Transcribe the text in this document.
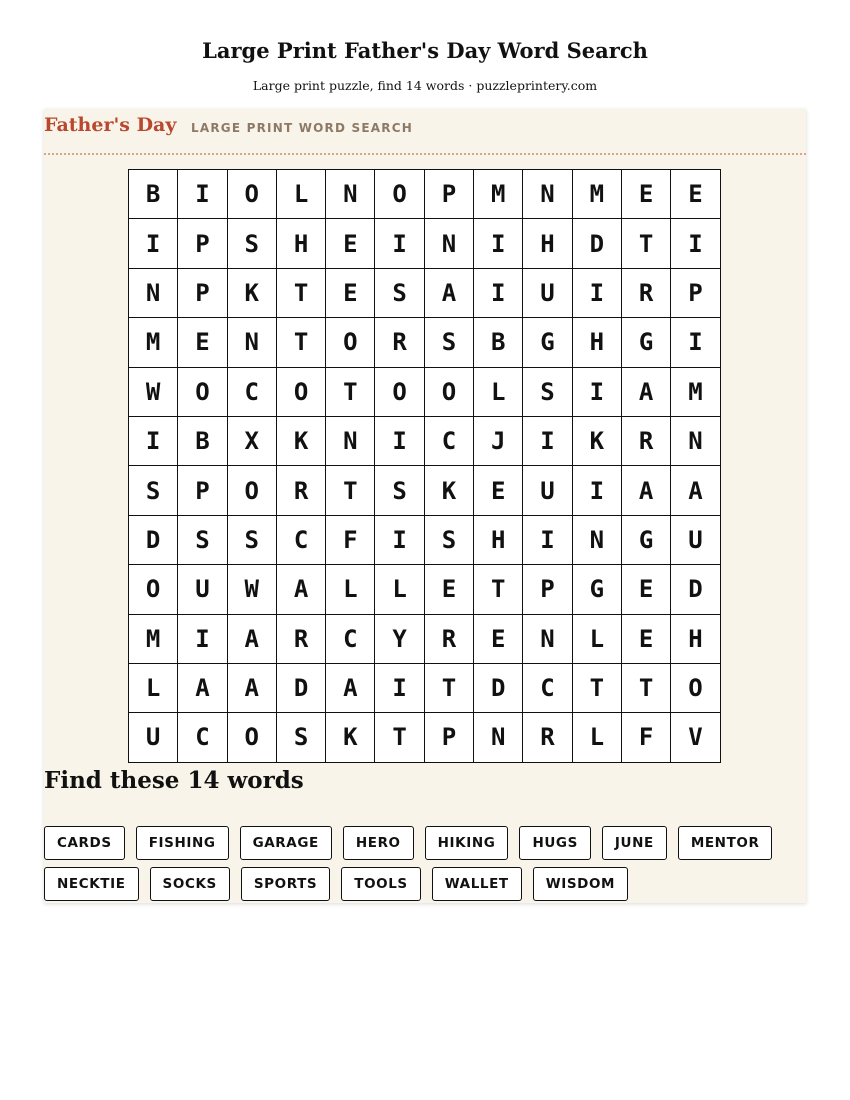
Large Print Father's Day Word Search

Large print puzzle, find 14 words · puzzleprintery.com

Father's Day LARGE PRINT WORD SEARCH
B	I	O	L	N	O	P	M	N	M	E	E
I	P	S	H	E	I	N	I	H	D	T	I
N	P	K	T	E	S	A	I	U	I	R	P
M	E	N	T	O	R	S	B	G	H	G	I
W	O	C	O	T	O	O	L	S	I	A	M
I	B	X	K	N	I	C	J	I	K	R	N
S	P	O	R	T	S	K	E	U	I	A	A
D	S	S	C	F	I	S	H	I	N	G	U
O	U	W	A	L	L	E	T	P	G	E	D
M	I	A	R	C	Y	R	E	N	L	E	H
L	A	A	D	A	I	T	D	C	T	T	O
U	C	O	S	K	T	P	N	R	L	F	V
Find these 14 words
CARDS	FISHING	GARAGE	HERO	HIKING	HUGS	JUNE	MENTOR
NECKTIE	SOCKS	SPORTS	TOOLS	WALLET	WISDOM
